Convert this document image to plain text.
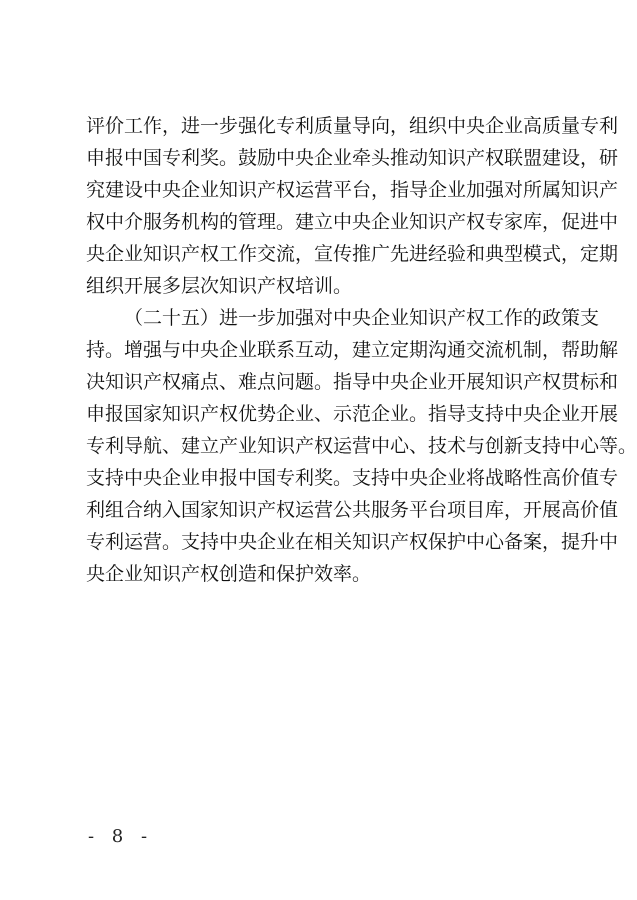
评价工作，进一步强化专利质量导向，组织中央企业高质量专利
申报中国专利奖。鼓励中央企业牵头推动知识产权联盟建设，研
究建设中央企业知识产权运营平台，指导企业加强对所属知识产
权中介服务机构的管理。建立中央企业知识产权专家库，促进中
央企业知识产权工作交流，宣传推广先进经验和典型模式，定期
组织开展多层次知识产权培训。
（二十五）进一步加强对中央企业知识产权工作的政策支
持。增强与中央企业联系互动，建立定期沟通交流机制，帮助解
决知识产权痛点、难点问题。指导中央企业开展知识产权贯标和
申报国家知识产权优势企业、示范企业。指导支持中央企业开展
专利导航、建立产业知识产权运营中心、技术与创新支持中心等。
支持中央企业申报中国专利奖。支持中央企业将战略性高价值专
利组合纳入国家知识产权运营公共服务平台项目库，开展高价值
专利运营。支持中央企业在相关知识产权保护中心备案，提升中
央企业知识产权创造和保护效率。
- 8 -
